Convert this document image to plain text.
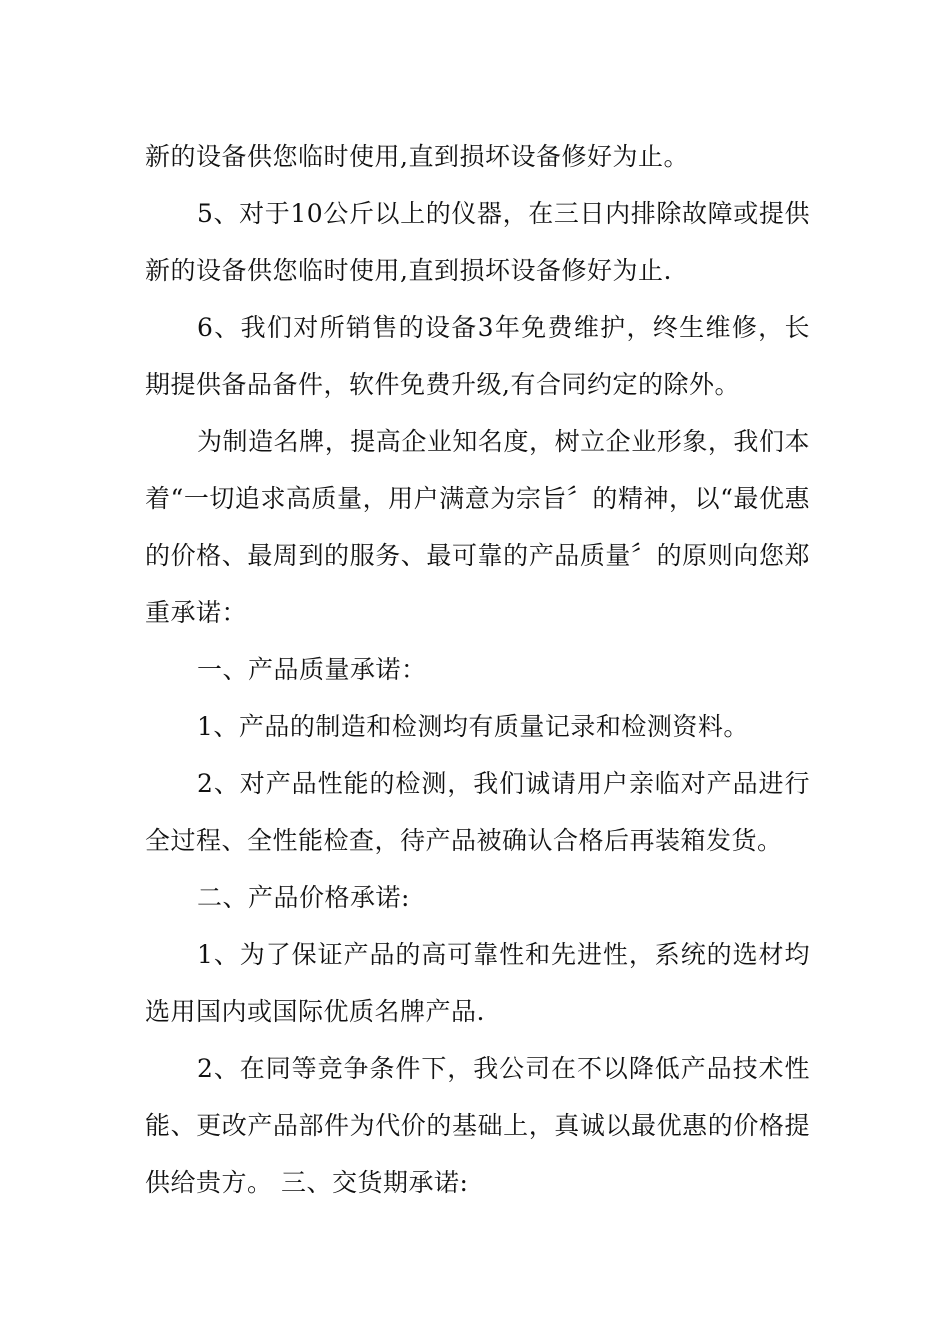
新的设备供您临时使用,直到损坏设备修好为止。

5、对于10公斤以上的仪器，在三日内排除故障或提供新的设备供您临时使用,直到损坏设备修好为止.

6、我们对所销售的设备3年免费维护，终生维修，长期提供备品备件，软件免费升级,有合同约定的除外。

为制造名牌，提高企业知名度，树立企业形象，我们本着“一切追求高质量，用户满意为宗旨〞的精神，以“最优惠的价格、最周到的服务、最可靠的产品质量〞的原则向您郑重承诺：

一、产品质量承诺：

1、产品的制造和检测均有质量记录和检测资料。

2、对产品性能的检测，我们诚请用户亲临对产品进行全过程、全性能检查，待产品被确认合格后再装箱发货。

二、产品价格承诺:

1、为了保证产品的高可靠性和先进性，系统的选材均选用国内或国际优质名牌产品.

2、在同等竞争条件下，我公司在不以降低产品技术性能、更改产品部件为代价的基础上，真诚以最优惠的价格提供给贵方。 三、交货期承诺:
